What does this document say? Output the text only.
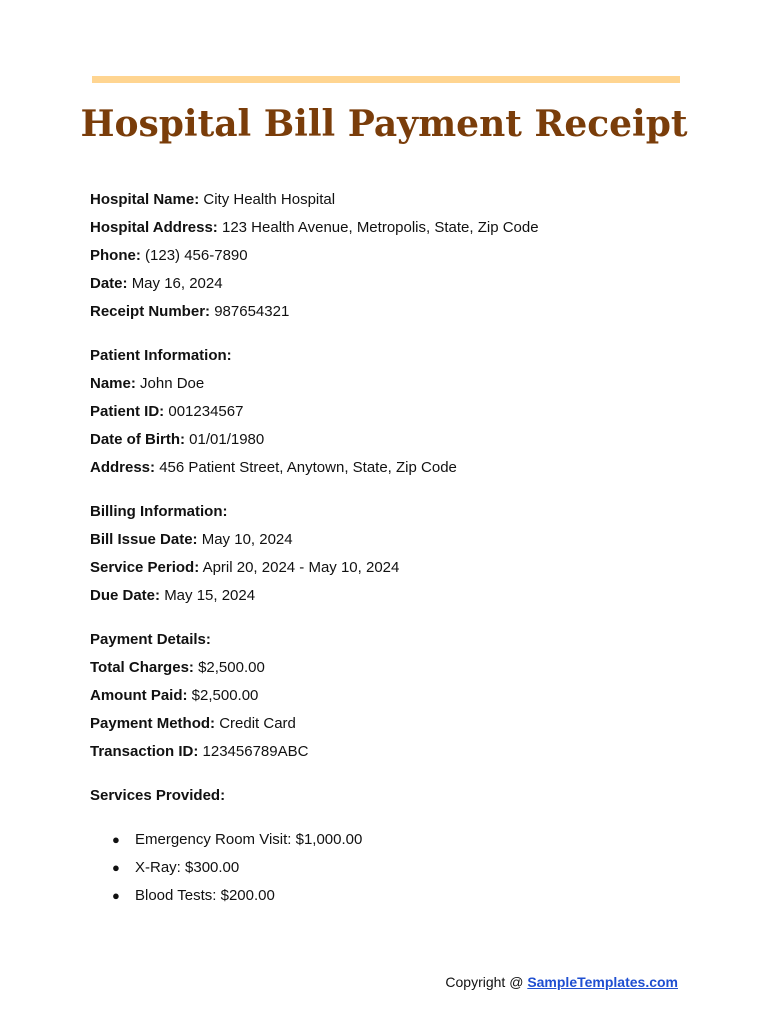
Hospital Bill Payment Receipt
Hospital Name: City Health Hospital
Hospital Address: 123 Health Avenue, Metropolis, State, Zip Code
Phone: (123) 456-7890
Date: May 16, 2024
Receipt Number: 987654321
Patient Information:
Name: John Doe
Patient ID: 001234567
Date of Birth: 01/01/1980
Address: 456 Patient Street, Anytown, State, Zip Code
Billing Information:
Bill Issue Date: May 10, 2024
Service Period: April 20, 2024 - May 10, 2024
Due Date: May 15, 2024
Payment Details:
Total Charges: $2,500.00
Amount Paid: $2,500.00
Payment Method: Credit Card
Transaction ID: 123456789ABC
Services Provided:
● Emergency Room Visit: $1,000.00
● X-Ray: $300.00
● Blood Tests: $200.00
Copyright @ SampleTemplates.com
